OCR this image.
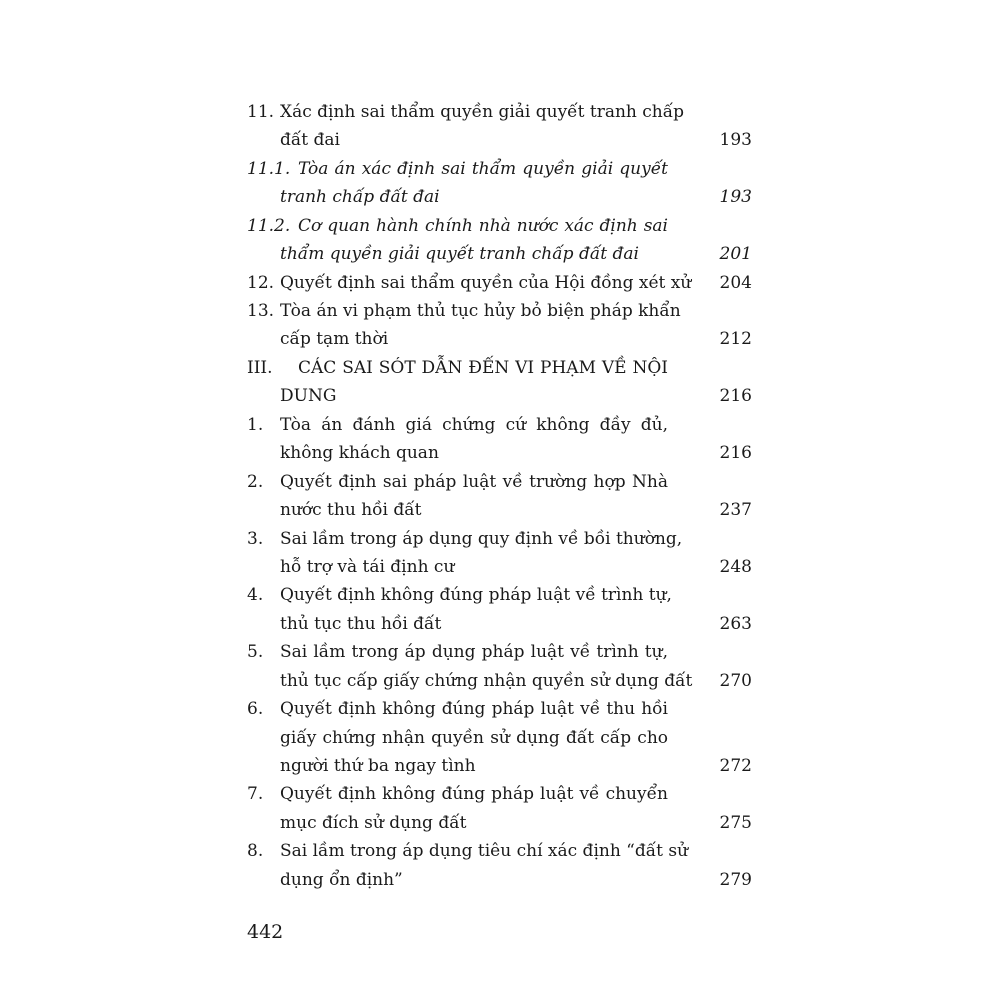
11. Xác định sai thẩm quyền giải quyết tranh chấp
đất đai	193
11.1. Tòa án xác định sai thẩm quyền giải quyết
tranh chấp đất đai	193
11.2. Cơ quan hành chính nhà nước xác định sai
thẩm quyền giải quyết tranh chấp đất đai	201
12. Quyết định sai thẩm quyền của Hội đồng xét xử 204
13. Tòa án vi phạm thủ tục hủy bỏ biện pháp khẩn
cấp tạm thời	212
III. CÁC SAI SÓT DẪN ĐẾN VI PHẠM VỀ NỘI
DUNG	216
1. Tòa án đánh giá chứng cứ không đầy đủ,
không khách quan	216
2. Quyết định sai pháp luật về trường hợp Nhà
nước thu hồi đất	237
3. Sai lầm trong áp dụng quy định về bồi thường,
hỗ trợ và tái định cư	248
4. Quyết định không đúng pháp luật về trình tự,
thủ tục thu hồi đất	263
5. Sai lầm trong áp dụng pháp luật về trình tự,
thủ tục cấp giấy chứng nhận quyền sử dụng đất 270
6. Quyết định không đúng pháp luật về thu hồi
giấy chứng nhận quyền sử dụng đất cấp cho
người thứ ba ngay tình	272
7. Quyết định không đúng pháp luật về chuyển
mục đích sử dụng đất	275
8. Sai lầm trong áp dụng tiêu chí xác định “đất sử
dụng ổn định”	279
442
